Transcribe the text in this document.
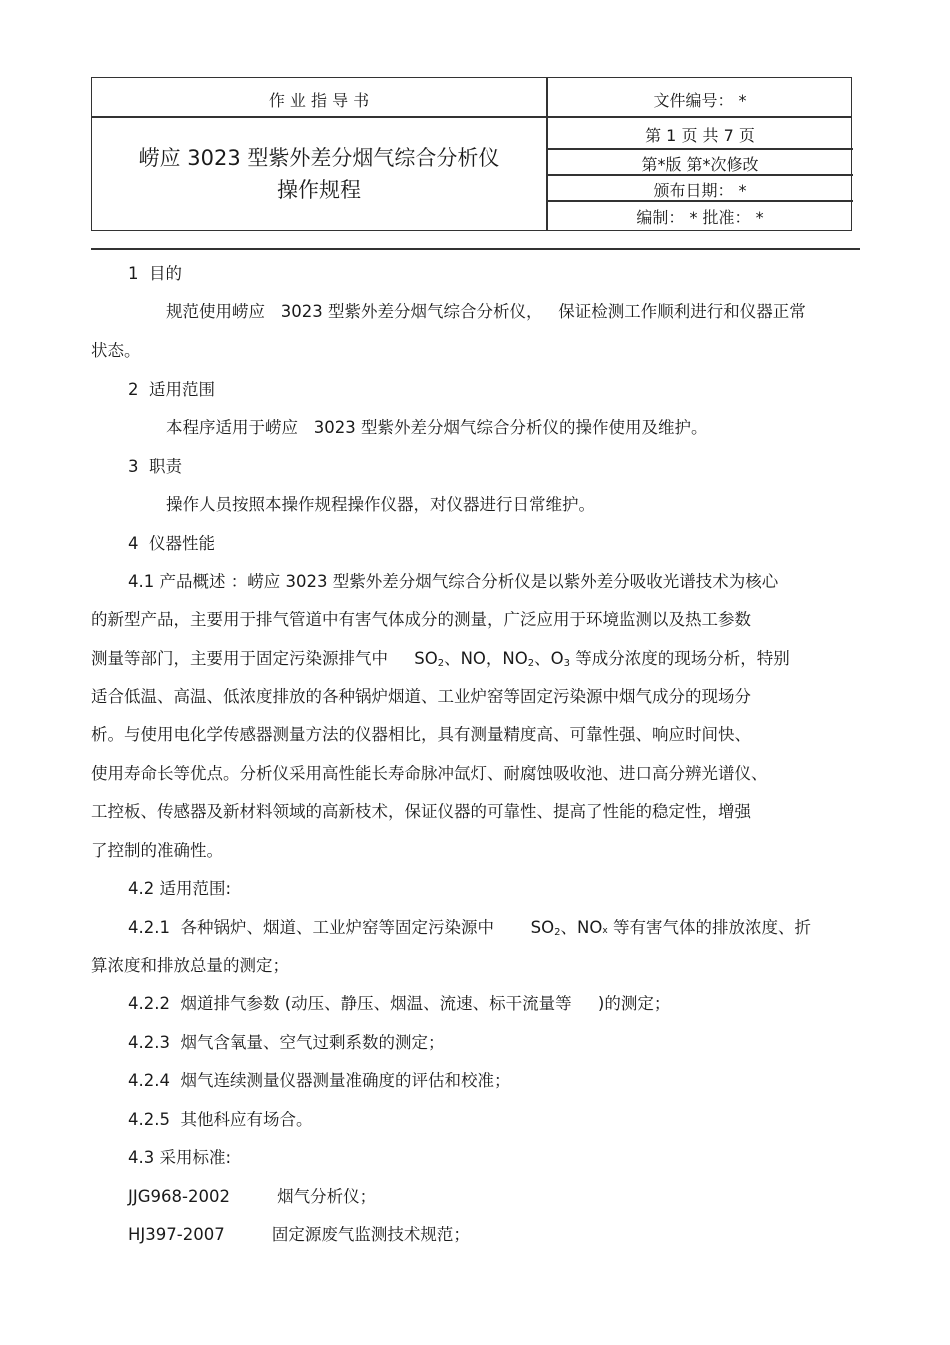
作 业 指 导 书	文件编号： *
崂应 3023 型紫外差分烟气综合分析仪
操作规程
第 1 页 共 7 页
第*版 第*次修改
颁布日期： *
编制： * 批准： *
1  目的
规范使用崂应   3023 型紫外差分烟气综合分析仪，   保证检测工作顺利进行和仪器正常
状态。
2  适用范围
本程序适用于崂应   3023 型紫外差分烟气综合分析仪的操作使用及维护。
3  职责
操作人员按照本操作规程操作仪器，对仪器进行日常维护。
4  仪器性能
4.1 产品概述 ：崂应 3023 型紫外差分烟气综合分析仪是以紫外差分吸收光谱技术为核心
的新型产品，主要用于排气管道中有害气体成分的测量，广泛应用于环境监测以及热工参数
测量等部门，主要用于固定污染源排气中     $SO_2$、NO，$NO_2$、$O_3$ 等成分浓度的现场分析，特别
适合低温、高温、低浓度排放的各种锅炉烟道、工业炉窑等固定污染源中烟气成分的现场分
析。与使用电化学传感器测量方法的仪器相比，具有测量精度高、可靠性强、响应时间快、
使用寿命长等优点。分析仪采用高性能长寿命脉冲氙灯、耐腐蚀吸收池、进口高分辨光谱仪、
工控板、传感器及新材料领域的高新枝术，保证仪器的可靠性、提高了性能的稳定性，增强
了控制的准确性。
4.2 适用范围:
4.2.1  各种锅炉、烟道、工业炉窑等固定污染源中       $SO_2$、NOx 等有害气体的排放浓度、折
算浓度和排放总量的测定；
4.2.2  烟道排气参数 (动压、静压、烟温、流速、标干流量等     )的测定；
4.2.3  烟气含氧量、空气过剩系数的测定；
4.2.4  烟气连续测量仪器测量准确度的评估和校准；
4.2.5  其他科应有场合。
4.3 采用标准:
JJG968-2002         烟气分析仪；
HJ397-2007         固定源废气监测技术规范；
